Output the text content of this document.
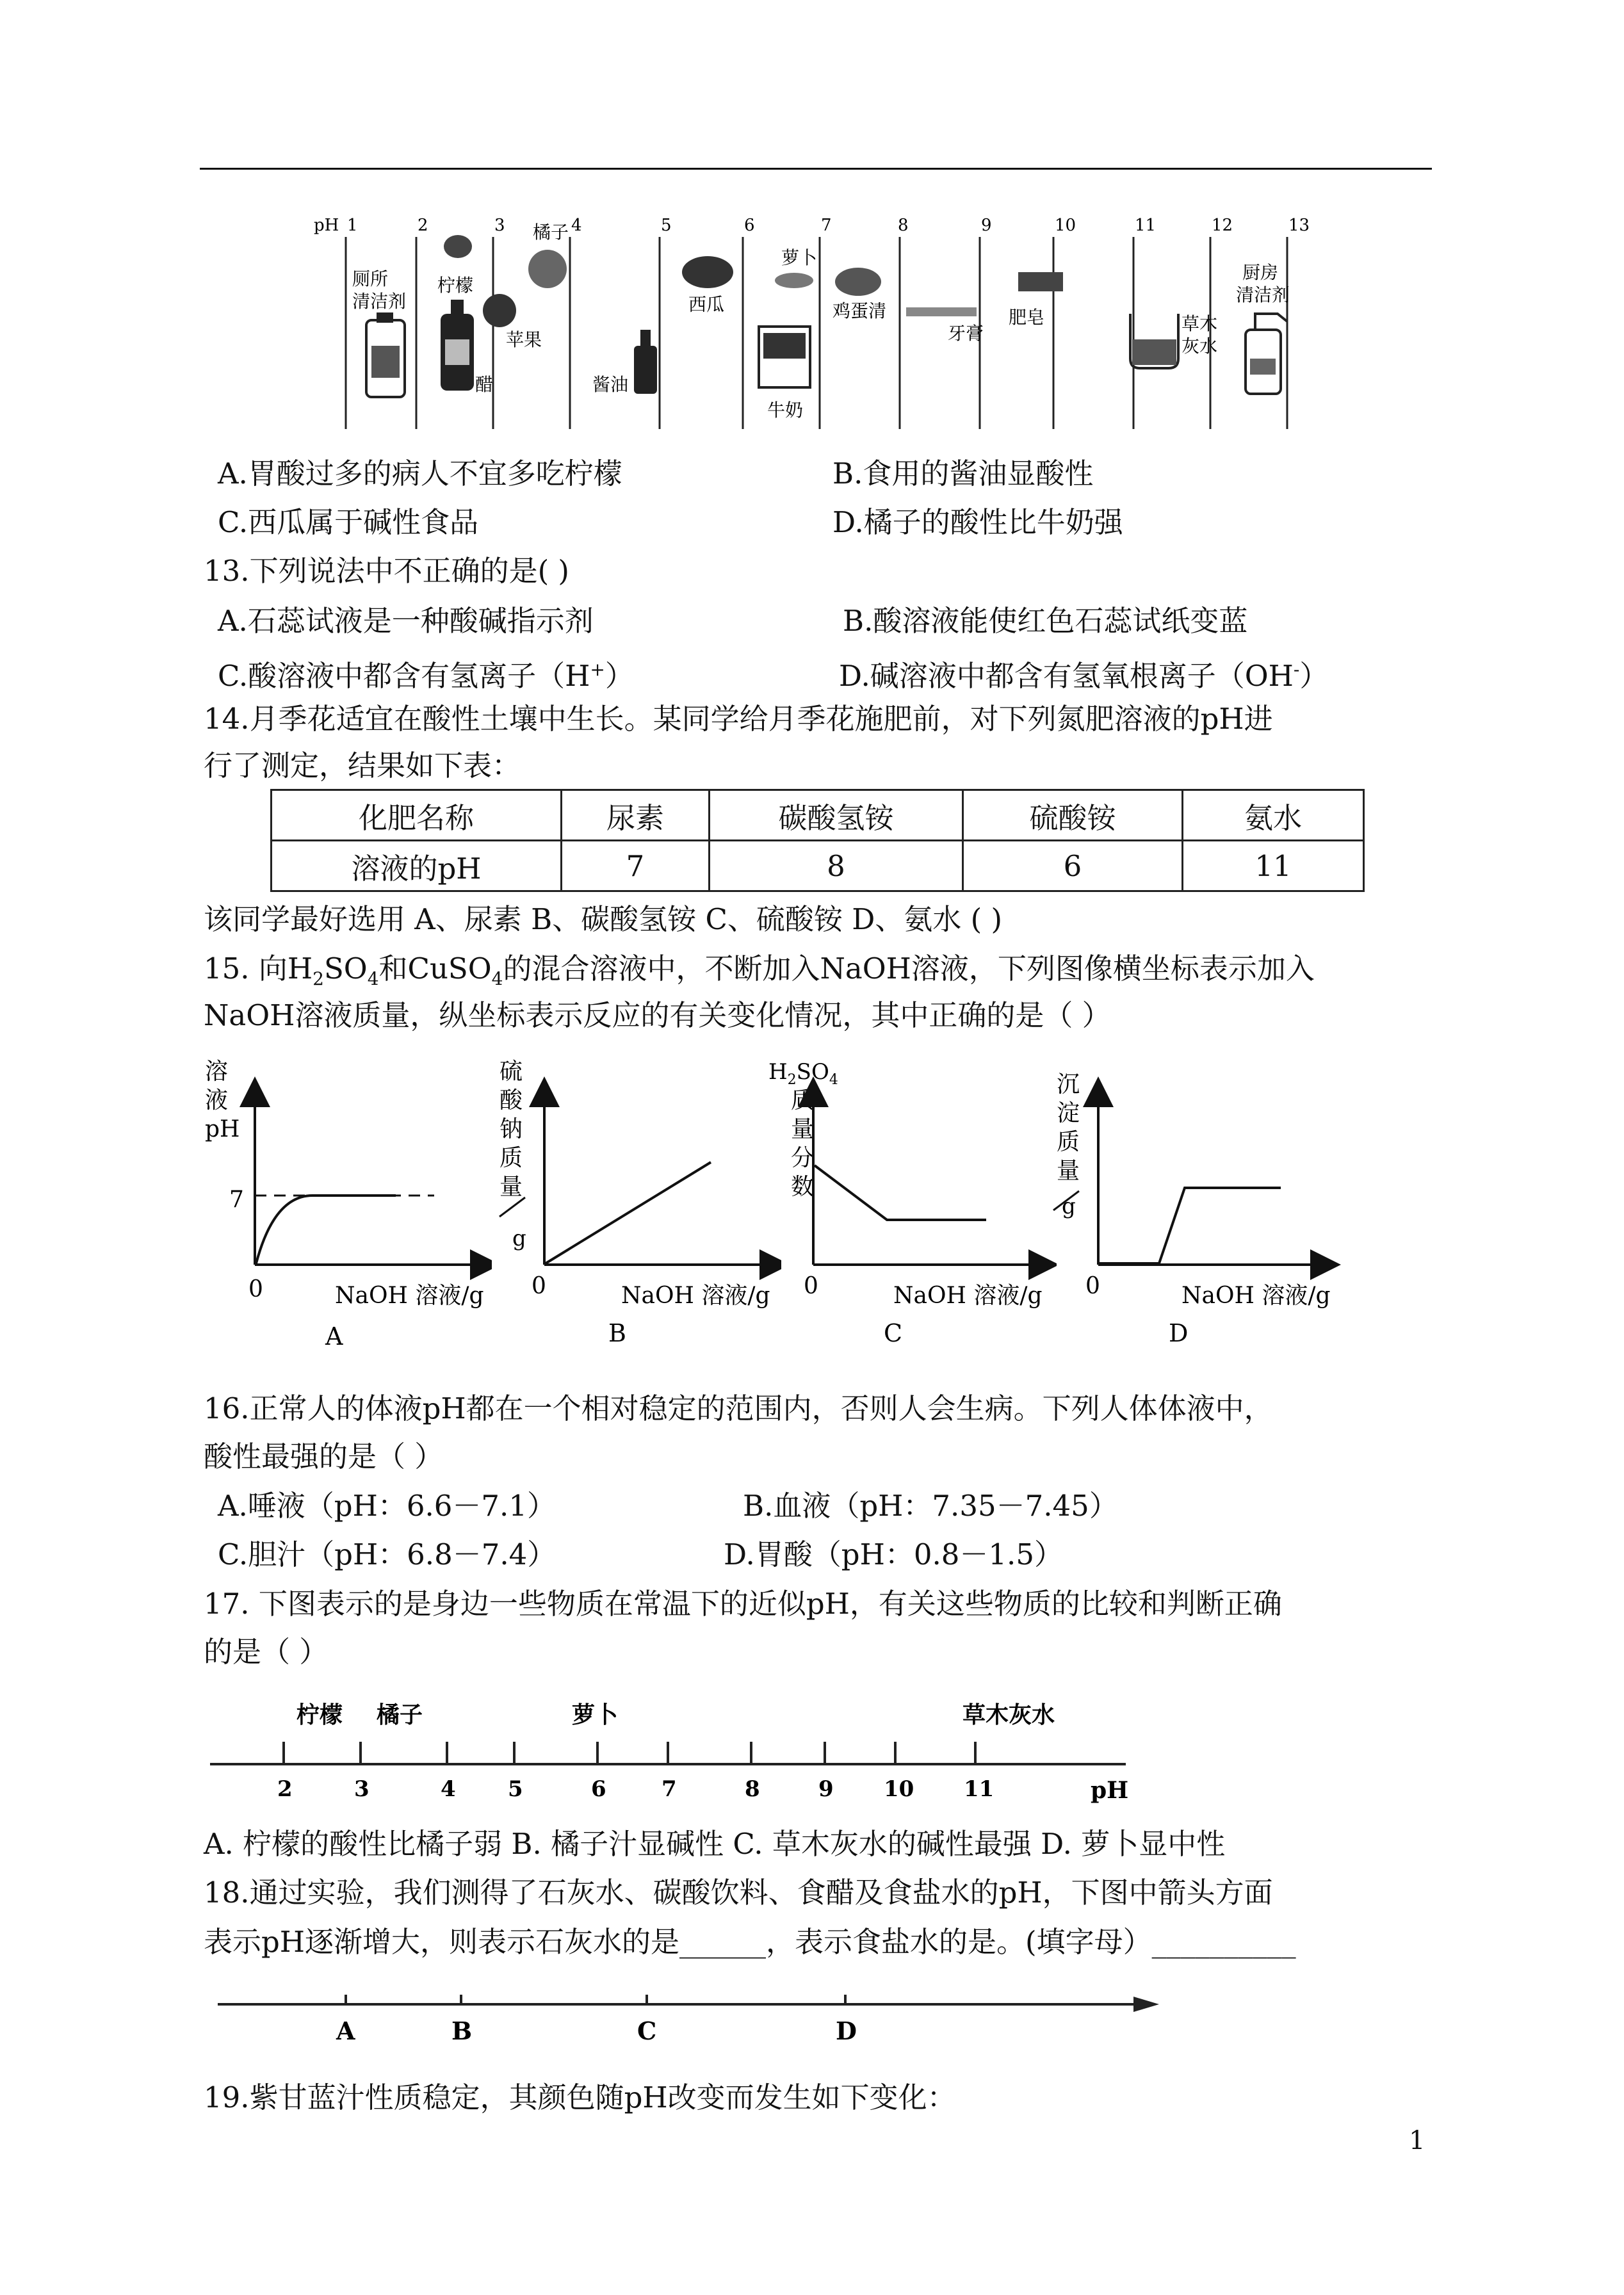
pH 1	2	3	4	5	6	7	8	9	10	11	12	13
厕所
清洁剂
柠檬
醋
苹果
橘子
酱油
西瓜
萝卜
牛奶
鸡蛋清
牙膏
肥皂	草木
灰水
厨房
清洁剂
A.胃酸过多的病人不宜多吃柠檬	B.食用的酱油显酸性
C.西瓜属于碱性食品	D.橘子的酸性比牛奶强
13.下列说法中不正确的是( )
A.石蕊试液是一种酸碱指示剂	B.酸溶液能使红色石蕊试纸变蓝
C.酸溶液中都含有氢离子（H+）	D.碱溶液中都含有氢氧根离子（OH-）
14.月季花适宜在酸性土壤中生长。某同学给月季花施肥前，对下列氮肥溶液的pH进
行了测定，结果如下表：
化肥名称	尿素	碳酸氢铵	硫酸铵	氨水
溶液的pH	7	8	6	11
该同学最好选用 A、尿素 B、碳酸氢铵 C、硫酸铵 D、氨水 ( )
15. 向$H_2SO_4$和CuSO$_4$的混合溶液中，不断加入NaOH溶液，下列图像横坐标表示加入
NaOH溶液质量，纵坐标表示反应的有关变化情况，其中正确的是（ ）
溶
液
pH
7
0	NaOH 溶液/g
A
硫
酸
钠
质
量
g
0	NaOH 溶液/g
B
$H_2SO_4$
质
量
分
数
0	NaOH 溶液/g
C
沉
淀
质
量
g
0	NaOH 溶液/g
D
16.正常人的体液pH都在一个相对稳定的范围内，否则人会生病。下列人体体液中，
酸性最强的是（ ）
A.唾液（pH：6.6－7.1）	B.血液（pH：7.35－7.45）
C.胆汁（pH：6.8－7.4）	D.胃酸（pH：0.8－1.5）
17. 下图表示的是身边一些物质在常温下的近似pH，有关这些物质的比较和判断正确
的是（ ）
2	3	4 5	6	7	8	9 10 11
柠檬 橘子	萝卜	草木灰水
pH
A. 柠檬的酸性比橘子弱 B. 橘子汁显碱性 C. 草木灰水的碱性最强 D. 萝卜显中性
18.通过实验，我们测得了石灰水、碳酸饮料、食醋及食盐水的pH，下图中箭头方面
表示pH逐渐增大，则表示石灰水的是______，表示食盐水的是。(填字母）__________
A	B	C	D
19.紫甘蓝汁性质稳定，其颜色随pH改变而发生如下变化：
1
